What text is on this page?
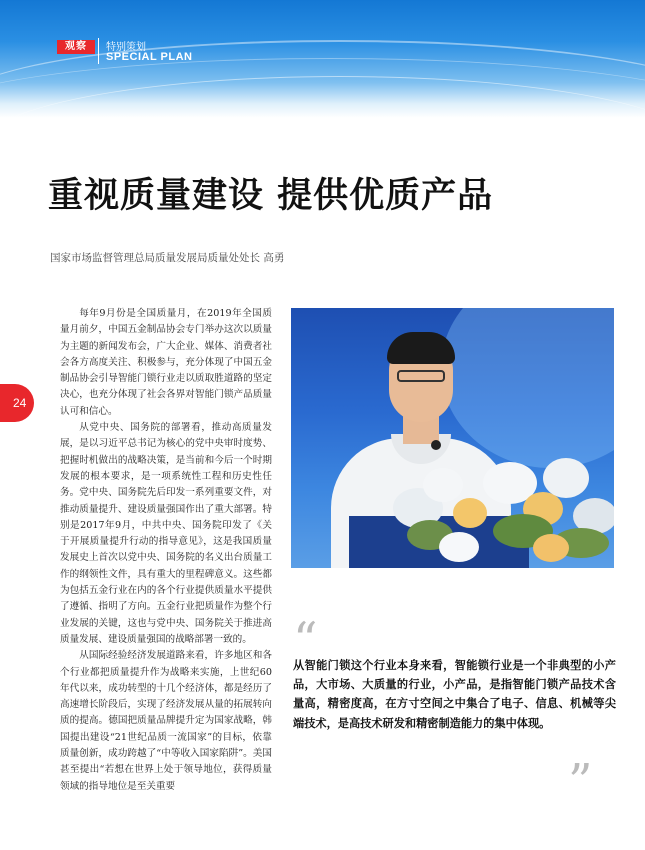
观察	特别策划
SPECIAL PLAN
重视质量建设 提供优质产品
国家市场监督管理总局质量发展局质量处处长 高勇
24

每年9月份是全国质量月，在2019年全国质量月前夕，中国五金制品协会专门举办这次以质量为主题的新闻发布会，广大企业、媒体、消费者社会各方高度关注、积极参与，充分体现了中国五金制品协会引导智能门锁行业走以质取胜道路的坚定决心，也充分体现了社会各界对智能门锁产品质量认可和信心。

从党中央、国务院的部署看，推动高质量发展，是以习近平总书记为核心的党中央审时度势、把握时机做出的战略决策，是当前和今后一个时期发展的根本要求，是一项系统性工程和历史性任务。党中央、国务院先后印发一系列重要文件，对推动质量提升、建设质量强国作出了重大部署。特别是2017年9月，中共中央、国务院印发了《关于开展质量提升行动的指导意见》，这是我国质量发展史上首次以党中央、国务院的名义出台质量工作的纲领性文件，具有重大的里程碑意义。这些都为包括五金行业在内的各个行业提供质量水平提供了遵循、指明了方向。五金行业把质量作为整个行业发展的关键，这也与党中央、国务院关于推进高质量发展、建设质量强国的战略部署一致的。

从国际经验经济发展道路来看，许多地区和各个行业都把质量提升作为战略来实施，上世纪60年代以来，成功转型的十几个经济体，都是经历了高速增长阶段后，实现了经济发展从量的拓展转向质的提高。德国把质量品牌提升定为国家战略，韩国提出建设“21世纪品质一流国家”的目标，依靠质量创新，成功跨越了“中等收入国家陷阱”。美国甚至提出“若想在世界上处于领导地位，获得质量领域的指导地位是至关重要

“
从智能门锁这个行业本身来看，智能锁行业是一个非典型的小产品，大市场、大质量的行业，小产品，是指智能门锁产品技术含量高，精密度高，在方寸空间之中集合了电子、信息、机械等尖端技术，是高技术研发和精密制造能力的集中体现。
”
